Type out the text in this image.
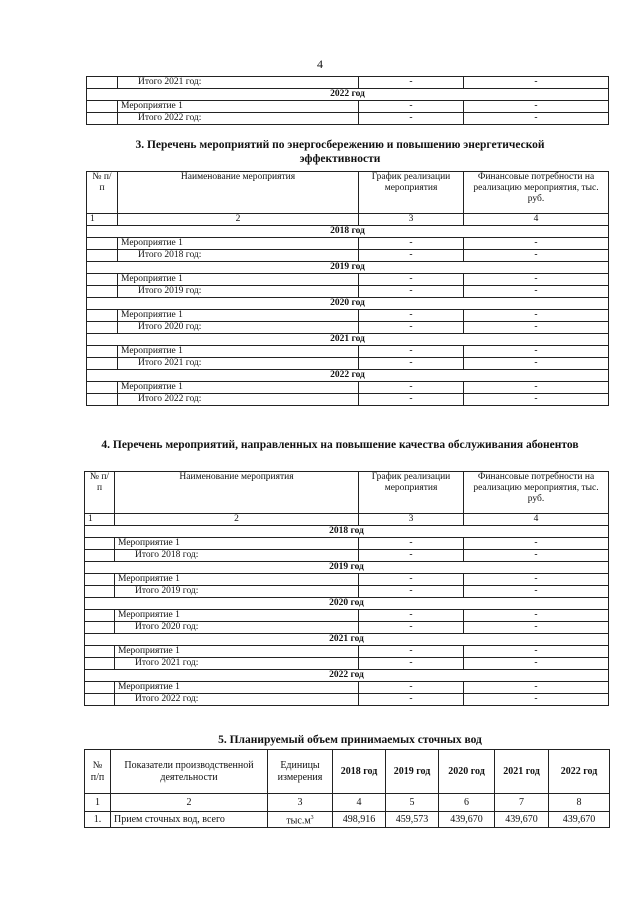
4
	Итого 2021 год:	-	-
2022 год			
	Мероприятие 1	-	-
	Итого 2022 год:	-	-
3. Перечень мероприятий по энергосбережению и повышению энергетической эффективности
№ п/п	Наименование мероприятия	График реализации мероприятия	Финансовые потребности на реализацию мероприятия, тыс. руб.
1	2	3	4
2018 год			
	Мероприятие 1	-	-
	Итого 2018 год:	-	-
2019 год			
	Мероприятие 1	-	-
	Итого 2019 год:	-	-
2020 год			
	Мероприятие 1	-	-
	Итого 2020 год:	-	-
2021 год			
	Мероприятие 1	-	-
	Итого 2021 год:	-	-
2022 год			
	Мероприятие 1	-	-
	Итого 2022 год:	-	-
4. Перечень мероприятий, направленных на повышение качества обслуживания абонентов
№ п/п	Наименование мероприятия	График реализации мероприятия	Финансовые потребности на реализацию мероприятия, тыс. руб.
1	2	3	4
2018 год			
	Мероприятие 1	-	-
	Итого 2018 год:	-	-
2019 год			
	Мероприятие 1	-	-
	Итого 2019 год:	-	-
2020 год			
	Мероприятие 1	-	-
	Итого 2020 год:	-	-
2021 год			
	Мероприятие 1	-	-
	Итого 2021 год:	-	-
2022 год			
	Мероприятие 1	-	-
	Итого 2022 год:	-	-
5. Планируемый объем принимаемых сточных вод
№ п/п	Показатели производственной деятельности	Единицы измерения	2018 год	2019 год	2020 год	2021 год	2022 год
1	2	3	4	5	6	7	8
1.	Прием сточных вод, всего	$тыс.м^3$	498,916	459,573	439,670	439,670	439,670
